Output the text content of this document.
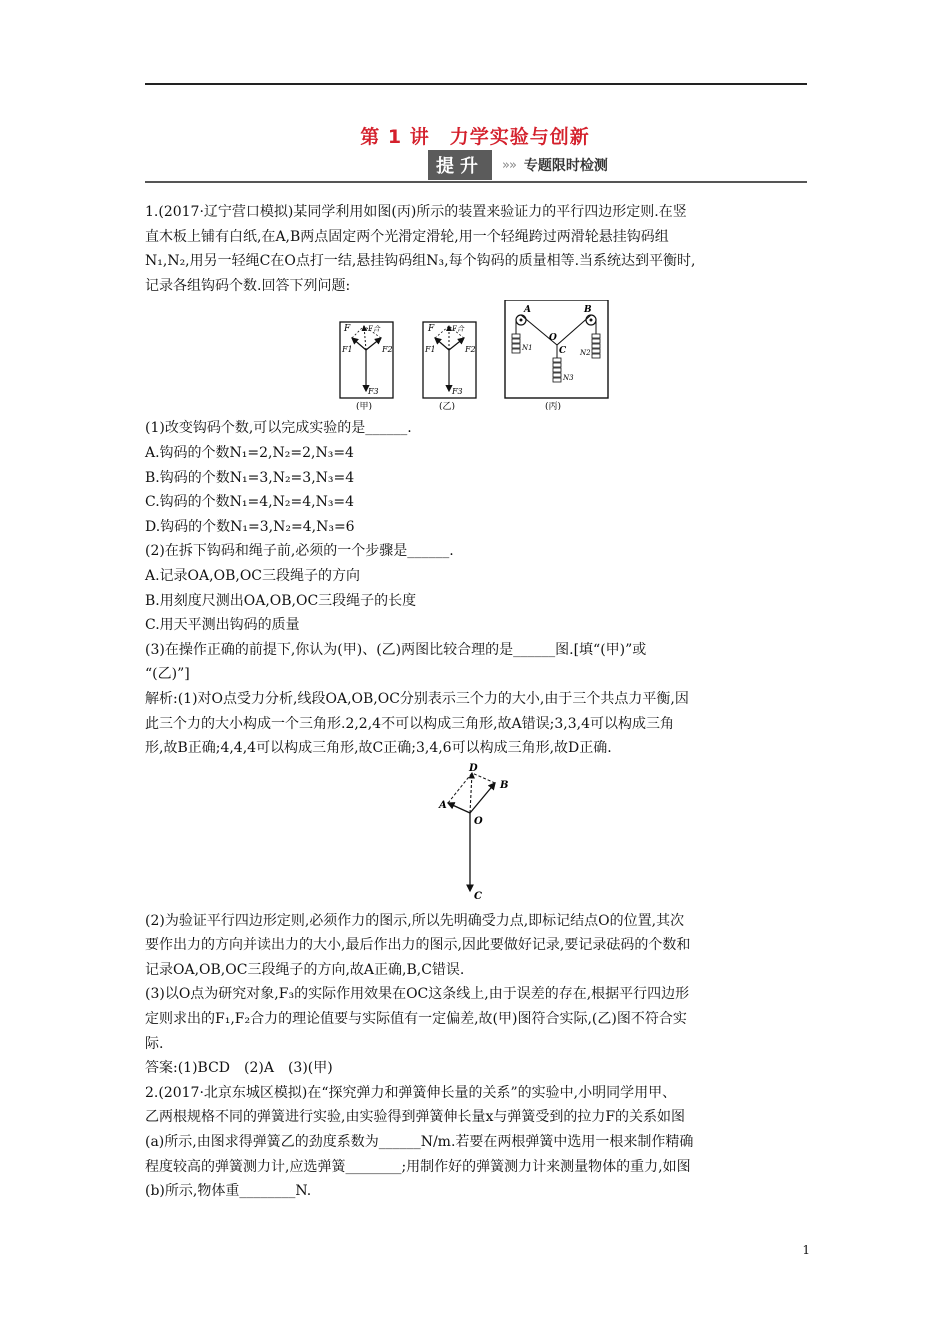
第 1 讲　力学实验与创新
提升	»» 专题限时检测

1.(2017·辽宁营口模拟)某同学利用如图(丙)所示的装置来验证力的平行四边形定则.在竖

直木板上铺有白纸,在A,B两点固定两个光滑定滑轮,用一个轻绳跨过两滑轮悬挂钩码组

N₁,N₂,用另一轻绳C在O点打一结,悬挂钩码组N₃,每个钩码的质量相等.当系统达到平衡时,

记录各组钩码个数.回答下列问题:

F	F合
F1	F2
F3
(甲)
F	F合
F1	F2
F3
(乙)
A	B
O
C
N1
N2
N3
(丙)

(1)改变钩码个数,可以完成实验的是______.

A.钩码的个数N₁=2,N₂=2,N₃=4

B.钩码的个数N₁=3,N₂=3,N₃=4

C.钩码的个数N₁=4,N₂=4,N₃=4

D.钩码的个数N₁=3,N₂=4,N₃=6

(2)在拆下钩码和绳子前,必须的一个步骤是______.

A.记录OA,OB,OC三段绳子的方向

B.用刻度尺测出OA,OB,OC三段绳子的长度

C.用天平测出钩码的质量

(3)在操作正确的前提下,你认为(甲)、(乙)两图比较合理的是______图.[填“(甲)”或

“(乙)”]

解析:(1)对O点受力分析,线段OA,OB,OC分别表示三个力的大小,由于三个共点力平衡,因

此三个力的大小构成一个三角形.2,2,4不可以构成三角形,故A错误;3,3,4可以构成三角

形,故B正确;4,4,4可以构成三角形,故C正确;3,4,6可以构成三角形,故D正确.

D
B
A
O
C

(2)为验证平行四边形定则,必须作力的图示,所以先明确受力点,即标记结点O的位置,其次

要作出力的方向并读出力的大小,最后作出力的图示,因此要做好记录,要记录砝码的个数和

记录OA,OB,OC三段绳子的方向,故A正确,B,C错误.

(3)以O点为研究对象,F₃的实际作用效果在OC这条线上,由于误差的存在,根据平行四边形

定则求出的F₁,F₂合力的理论值要与实际值有一定偏差,故(甲)图符合实际,(乙)图不符合实

际.

答案:(1)BCD　(2)A　(3)(甲)

2.(2017·北京东城区模拟)在“探究弹力和弹簧伸长量的关系”的实验中,小明同学用甲、

乙两根规格不同的弹簧进行实验,由实验得到弹簧伸长量x与弹簧受到的拉力F的关系如图

(a)所示,由图求得弹簧乙的劲度系数为______N/m.若要在两根弹簧中选用一根来制作精确

程度较高的弹簧测力计,应选弹簧________;用制作好的弹簧测力计来测量物体的重力,如图

(b)所示,物体重________N.

1
